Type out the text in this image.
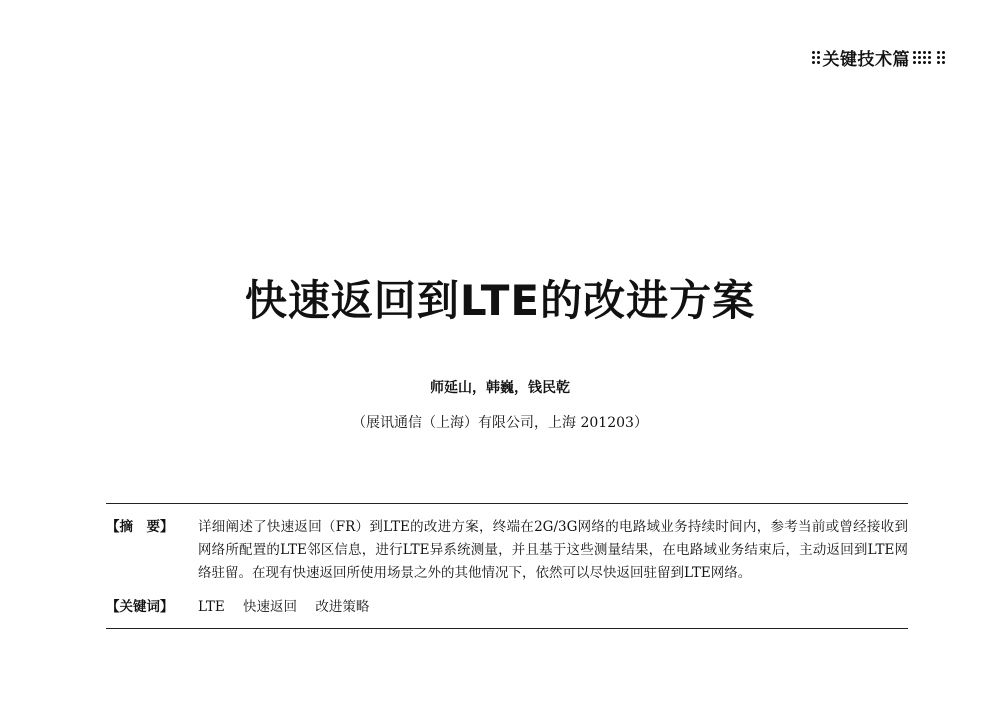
关键技术篇
快速返回到LTE的改进方案
师延山，韩巍，钱民乾
（展讯通信（上海）有限公司，上海 201203）
【摘　要】	详细阐述了快速返回（FR）到LTE的改进方案，终端在2G/3G网络的电路域业务持续时间内，参考当前或曾经接收到网络所配置的LTE邻区信息，进行LTE异系统测量，并且基于这些测量结果，在电路域业务结束后，主动返回到LTE网络驻留。在现有快速返回所使用场景之外的其他情况下，依然可以尽快返回驻留到LTE网络。
【关键词】	LTE 快速返回 改进策略
